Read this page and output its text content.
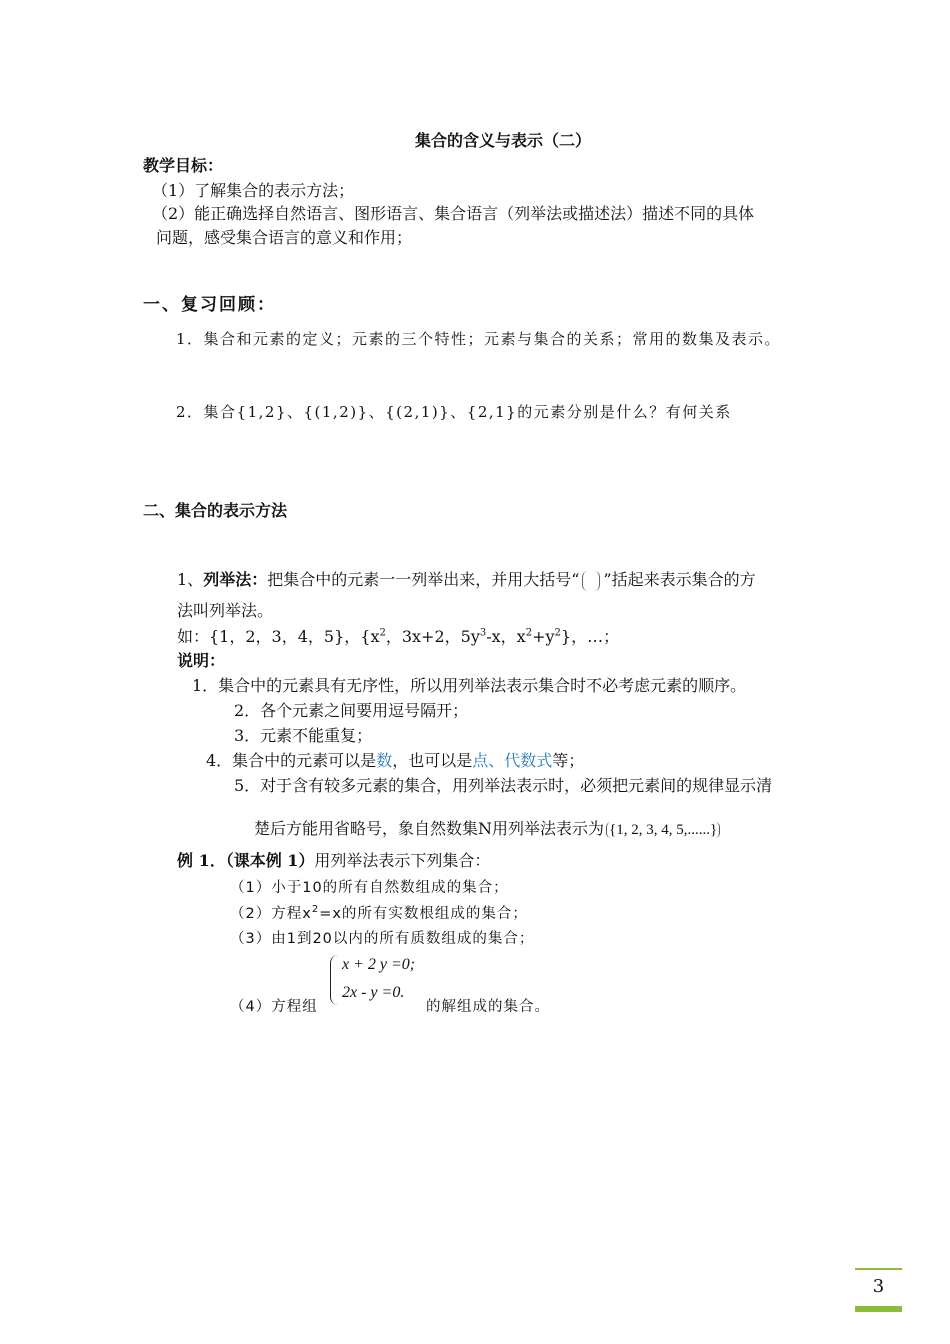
集合的含义与表示（二）
教学目标：
（1）了解集合的表示方法；
（2）能正确选择自然语言、图形语言、集合语言（列举法或描述法）描述不同的具体
问题，感受集合语言的意义和作用；
一、复习回顾：
1．集合和元素的定义；元素的三个特性；元素与集合的关系；常用的数集及表示。
2．集合{1,2}、{(1,2)}、{(2,1)}、{2,1}的元素分别是什么？有何关系
二、集合的表示方法
1、列举法：把集合中的元素一一列举出来，并用大括号“ ”括起来表示集合的方
法叫列举法。
如：{1，2，3，4，5}，{$x^2$，3x+2，$5y^3-x$，$x^2+y^2$}，…；
说明：
1．集合中的元素具有无序性，所以用列举法表示集合时不必考虑元素的顺序。
2．各个元素之间要用逗号隔开；
3．元素不能重复；
4．集合中的元素可以是数，也可以是点、代数式等；
5．对于含有较多元素的集合，用列举法表示时，必须把元素间的规律显示清
楚后方能用省略号，象自然数集N用列举法表示为 {1, 2, 3, 4, 5,......}
例 1．（课本例 1）用列举法表示下列集合：
（1）小于10的所有自然数组成的集合；
（2）方程$x^2=x$的所有实数根组成的集合；
（3）由1到20以内的所有质数组成的集合；
x + 2 y =0;
2x - y =0.
（4）方程组	的解组成的集合。
3
